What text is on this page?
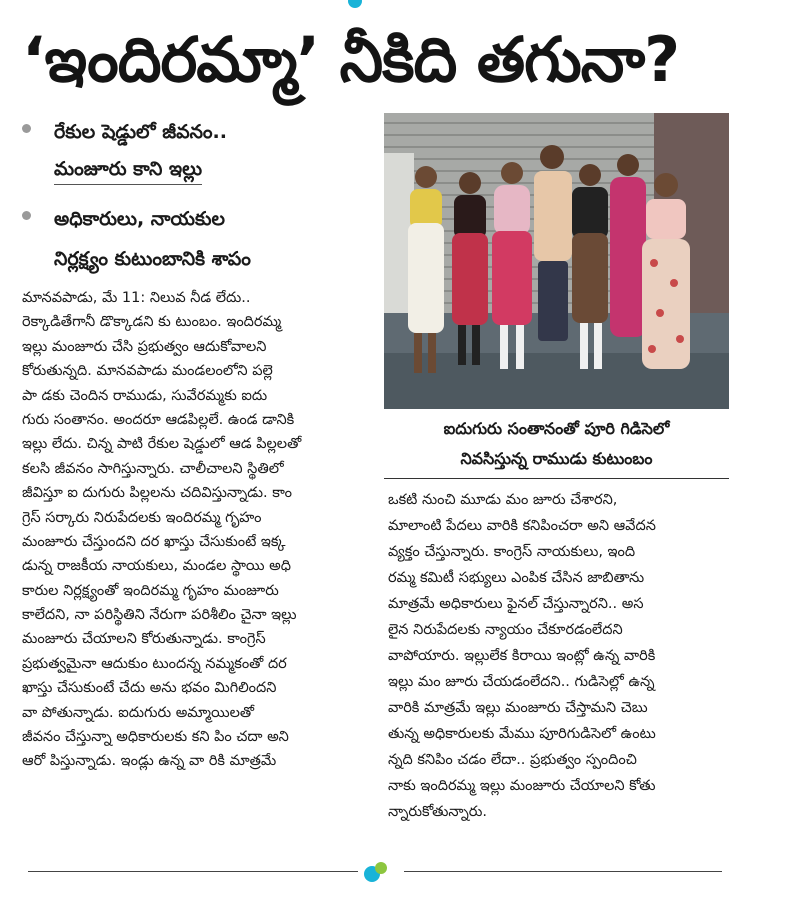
‘ఇందిరమ్మా’ నీకిది తగునా?
రేకుల షెడ్డులో జీవనం..
మంజూరు కాని ఇల్లు
అధికారులు, నాయకుల
నిర్లక్ష్యం కుటుంబానికి శాపం
మానవపాడు, మే 11: నిలువ నీడ లేదు..
రెక్కాడితేగానీ డొక్కాడని కు టుంబం. ఇందిరమ్మ
ఇల్లు మంజూరు చేసి ప్రభుత్వం ఆదుకోవాలని
కోరుతున్నది. మానవపాడు మండలంలోని పల్లె
పా డకు చెందిన రాముడు, సువేరమ్మకు ఐదు
గురు సంతానం. అందరూ ఆడపిల్లలే. ఉండ డానికి
ఇల్లు లేదు. చిన్న పాటి రేకుల షెడ్డులో ఆడ పిల్లలతో
కలసి జీవనం సాగిస్తున్నారు. చాలీచాలని స్థితిలో
జీవిస్తూ ఐ దుగురు పిల్లలను చదివిస్తున్నాడు. కాం
గ్రెస్ సర్కారు నిరుపేదలకు ఇందిరమ్మ గృహం
మంజూరు చేస్తుందని దర ఖాస్తు చేసుకుంటే ఇక్క
డున్న రాజకీయ నాయకులు, మండల స్థాయి అధి
కారుల నిర్లక్ష్యంతో ఇందిరమ్మ గృహం మంజూరు
కాలేదని, నా పరిస్థితిని నేరుగా పరిశీలిం చైనా ఇల్లు
మంజూరు చేయాలని కోరుతున్నాడు. కాంగ్రెస్
ప్రభుత్వమైనా ఆదుకుం టుందన్న నమ్మకంతో దర
ఖాస్తు చేసుకుంటే చేదు అను భవం మిగిలిందని
వా పోతున్నాడు. ఐదుగురు అమ్మాయిలతో
జీవనం చేస్తున్నా అధికారులకు కని పిం చదా అని
ఆరో పిస్తున్నాడు. ఇండ్లు ఉన్న వా రికి మాత్రమే
ఐదుగురు సంతానంతో పూరి గిడిసెలో
నివసిస్తున్న రాముడు కుటుంబం
ఒకటి నుంచి మూడు మం జూరు చేశారని,
మాలాంటి పేదలు వారికి కనిపించరా అని ఆవేదన
వ్యక్తం చేస్తున్నారు. కాంగ్రెస్ నాయకులు, ఇంది
రమ్మ కమిటీ సభ్యులు ఎంపిక చేసిన జాబితాను
మాత్రమే అధికారులు ఫైనల్ చేస్తున్నారని.. అస
లైన నిరుపేదలకు న్యాయం చేకూరడంలేదని
వాపోయారు. ఇల్లులేక కిరాయి ఇంట్లో ఉన్న వారికి
ఇల్లు మం జూరు చేయడంలేదని.. గుడిసెల్లో ఉన్న
వారికి మాత్రమే ఇల్లు మంజూరు చేస్తామని చెబు
తున్న అధికారులకు మేము పూరిగుడిసెలో ఉంటు
న్నది కనిపిం చడం లేదా.. ప్రభుత్వం స్పందించి
నాకు ఇందిరమ్మ ఇల్లు మంజూరు చేయాలని కోతు
న్నారుకోతున్నారు.
